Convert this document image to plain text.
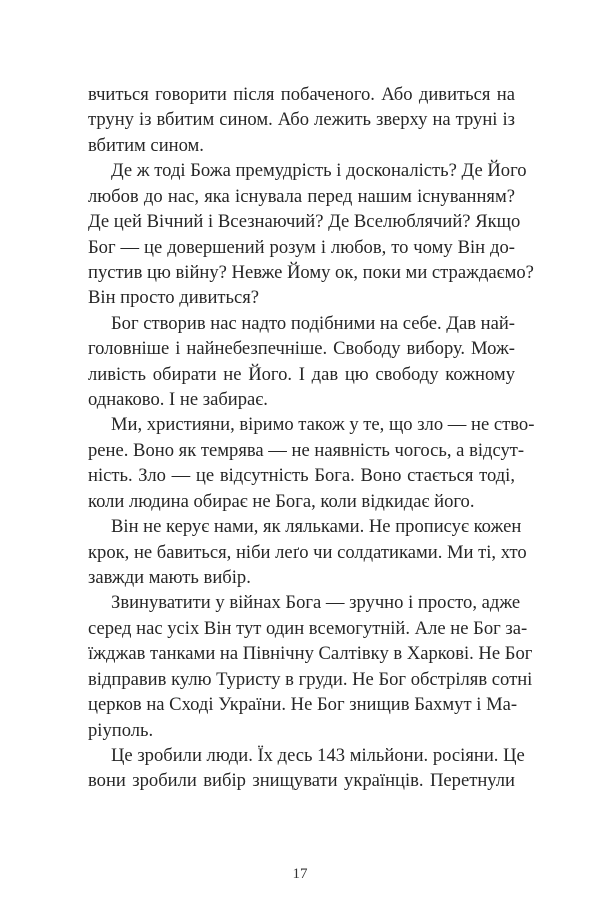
вчиться говорити після побаченого. Або дивиться на
труну із вбитим сином. Або лежить зверху на труні із
вбитим сином.
Де ж тоді Божа премудрість і досконалість? Де Його
любов до нас, яка існувала перед нашим існуванням?
Де цей Вічний і Всезнаючий? Де Вселюблячий? Якщо
Бог — це довершений розум і любов, то чому Він до-
пустив цю війну? Невже Йому ок, поки ми страждаємо?
Він просто дивиться?
Бог створив нас надто подібними на себе. Дав най-
головніше і найнебезпечніше. Свободу вибору. Мож-
ливість обирати не Його. І дав цю свободу кожному
однаково. І не забирає.
Ми, християни, віримо також у те, що зло — не ство-
рене. Воно як темрява — не наявність чогось, а відсут-
ність. Зло — це відсутність Бога. Воно стається тоді,
коли людина обирає не Бога, коли відкидає його.
Він не керує нами, як ляльками. Не прописує кожен
крок, не бавиться, ніби леґо чи солдатиками. Ми ті, хто
завжди мають вибір.
Звинуватити у війнах Бога — зручно і просто, адже
серед нас усіх Він тут один всемогутній. Але не Бог за-
їжджав танками на Північну Салтівку в Харкові. Не Бог
відправив кулю Туристу в груди. Не Бог обстріляв сотні
церков на Сході України. Не Бог знищив Бахмут і Ма-
ріуполь.
Це зробили люди. Їх десь 143 мільйони. росіяни. Це
вони зробили вибір знищувати українців. Перетнули
17
